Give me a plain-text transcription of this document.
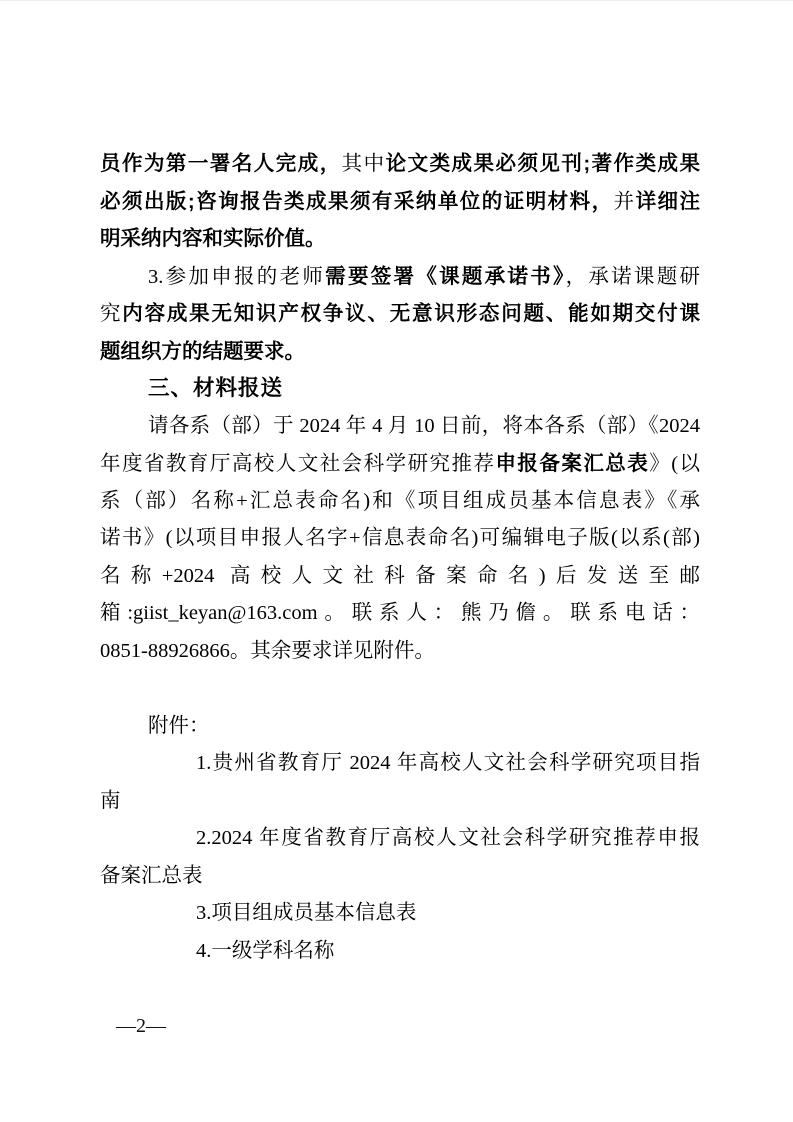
员作为第一署名人完成，其中论文类成果必须见刊;著作类成果
必须出版;咨询报告类成果须有采纳单位的证明材料，并详细注
明采纳内容和实际价值。
3.参加申报的老师需要签署《课题承诺书》，承诺课题研
究内容成果无知识产权争议、无意识形态问题、能如期交付课
题组织方的结题要求。
三、材料报送
请各系（部）于 2024 年 4 月 10 日前，将本各系（部）《2024
年度省教育厅高校人文社会科学研究推荐申报备案汇总表》(以
系（部）名称+汇总表命名)和《项目组成员基本信息表》《承
诺书》(以项目申报人名字+信息表命名)可编辑电子版(以系(部)
名称+2024 高校人文社科备案命名)后发送至邮
箱:giist_keyan@163.com。联系人：熊乃儋。联系电话：
0851-88926866。其余要求详见附件。
附件：
1.贵州省教育厅 2024 年高校人文社会科学研究项目指
南
2.2024 年度省教育厅高校人文社会科学研究推荐申报
备案汇总表
3.项目组成员基本信息表
4.一级学科名称
—2—
